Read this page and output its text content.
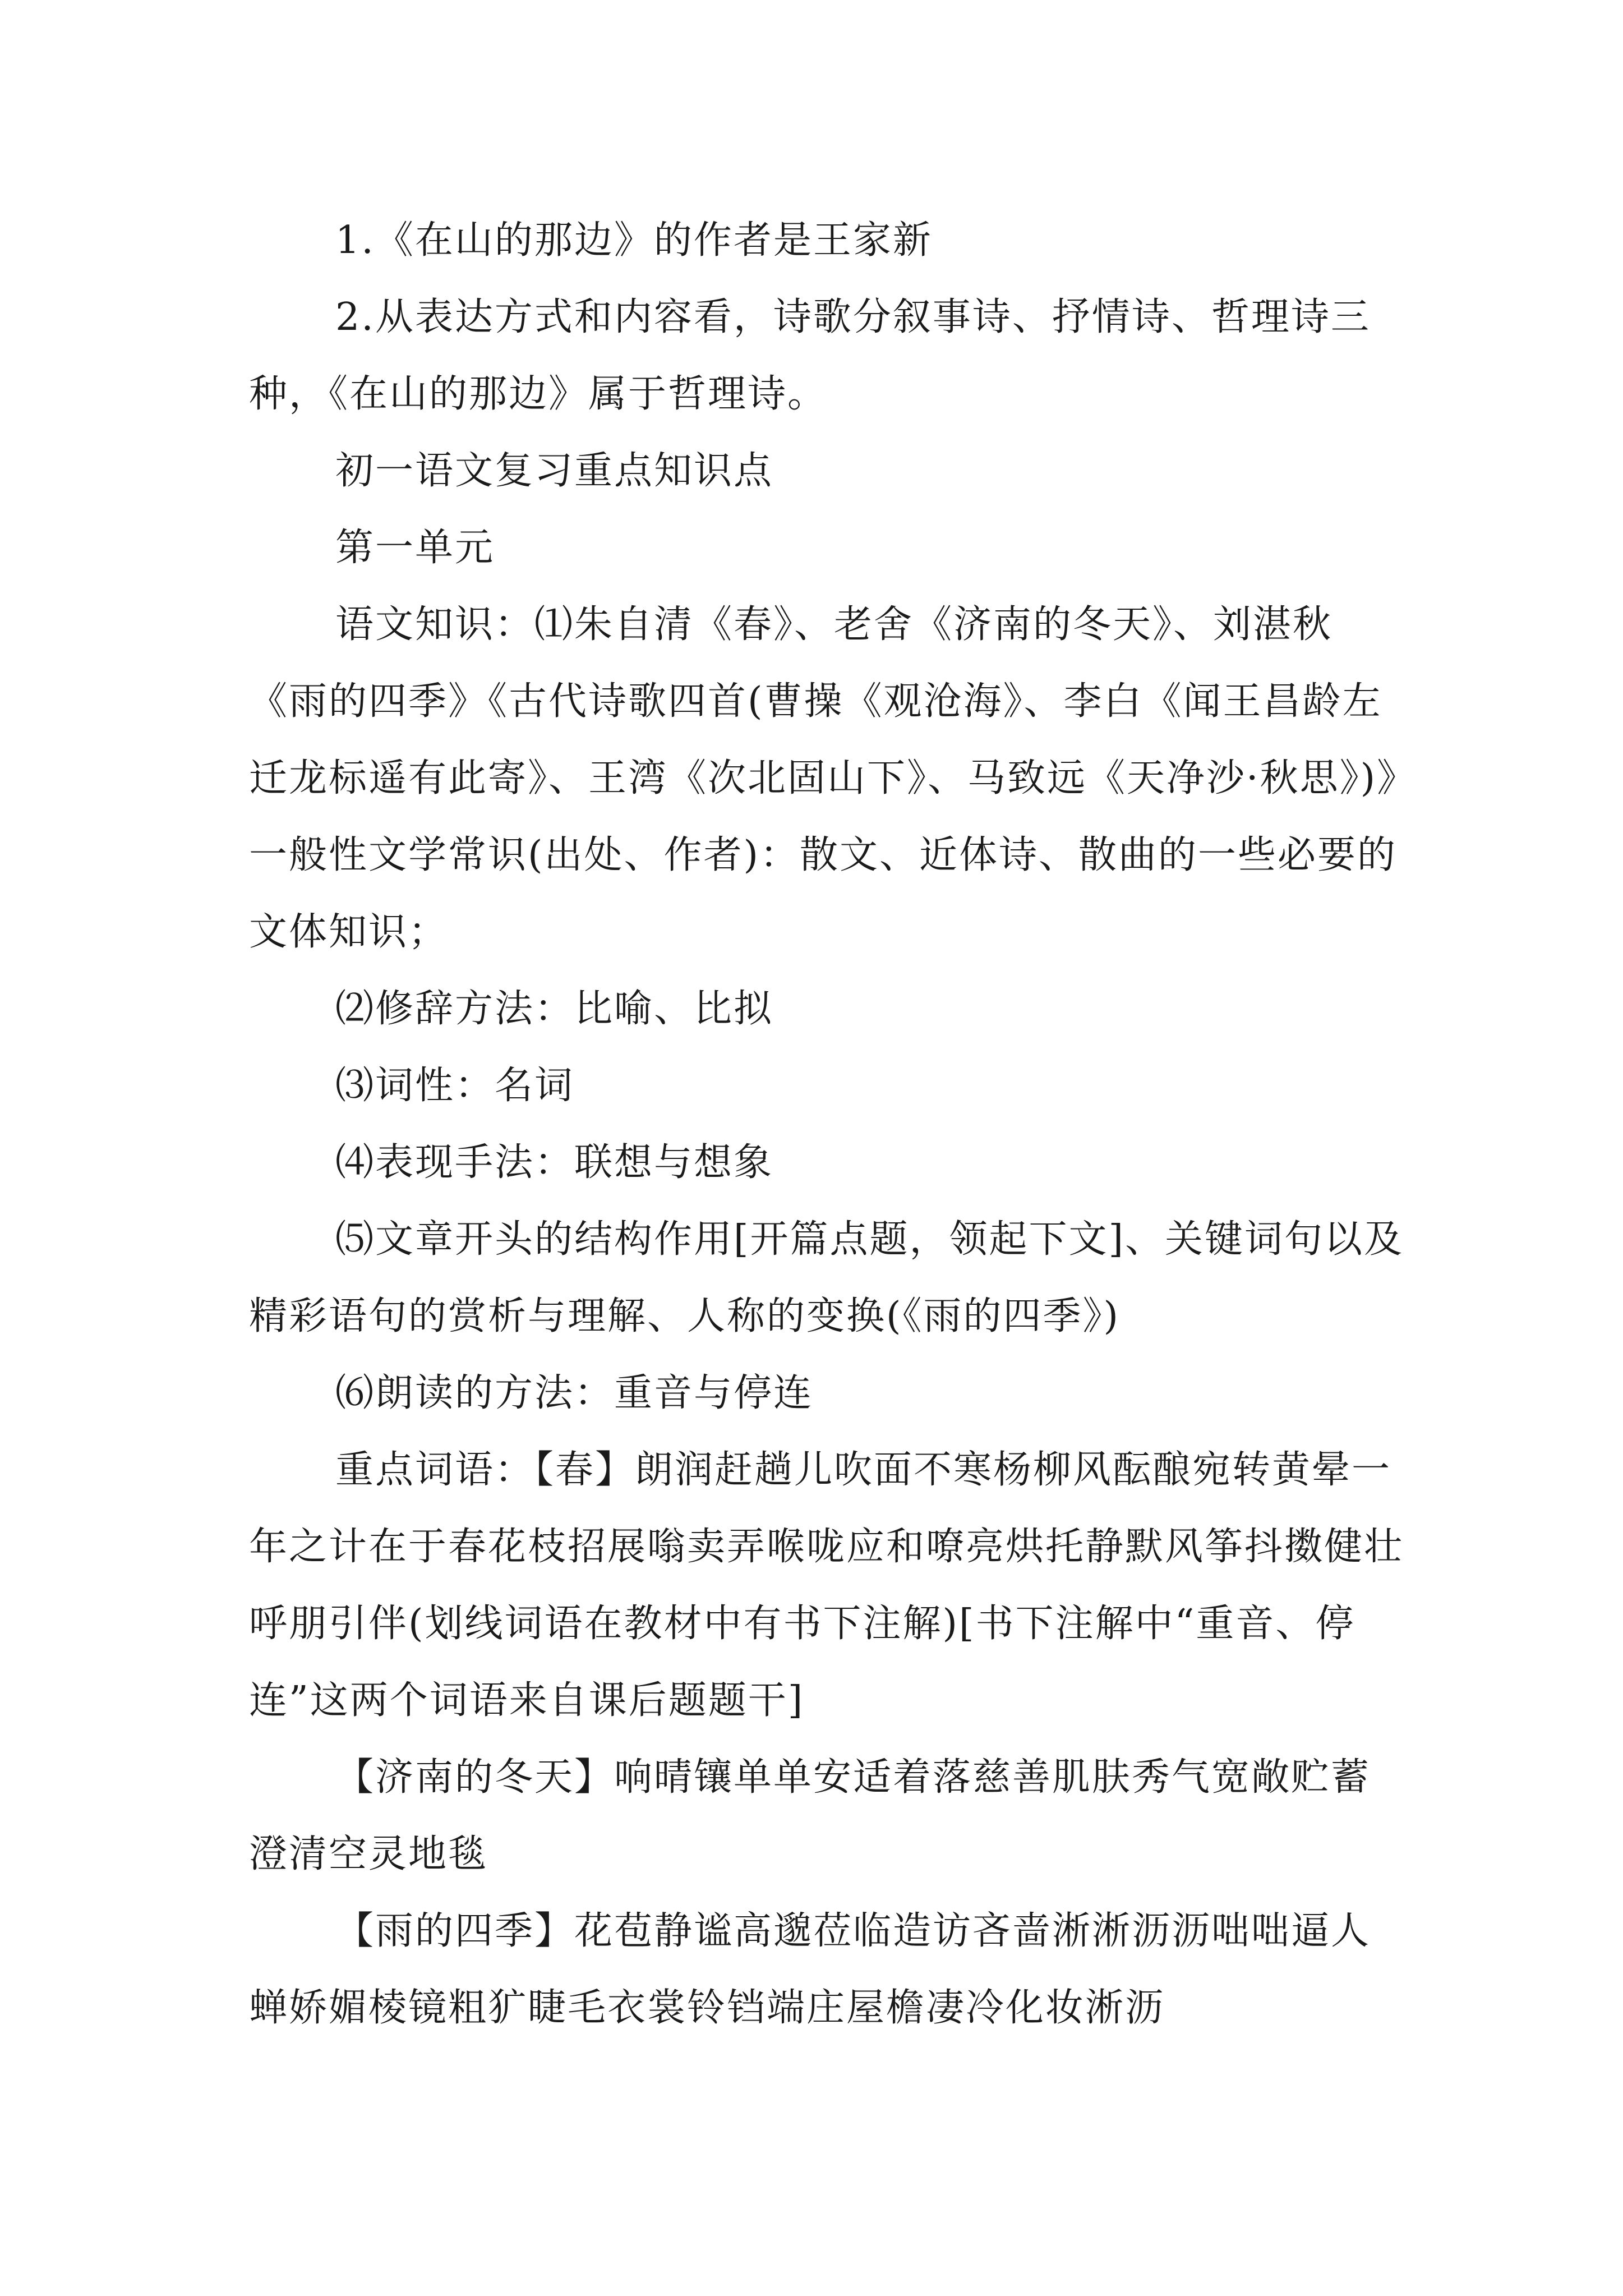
1.《在山的那边》的作者是王家新

2.从表达方式和内容看，诗歌分叙事诗、抒情诗、哲理诗三种，《在山的那边》属于哲理诗。

初一语文复习重点知识点

第一单元

语文知识：⑴朱自清《春》、老舍《济南的冬天》、刘湛秋《雨的四季》《古代诗歌四首(曹操《观沧海》、李白《闻王昌龄左迁龙标遥有此寄》、王湾《次北固山下》、马致远《天净沙·秋思》)》一般性文学常识(出处、作者)：散文、近体诗、散曲的一些必要的文体知识；

⑵修辞方法：比喻、比拟

⑶词性：名词

⑷表现手法：联想与想象

⑸文章开头的结构作用[开篇点题，领起下文]、关键词句以及精彩语句的赏析与理解、人称的变换(《雨的四季》)

⑹朗读的方法：重音与停连

重点词语：【春】朗润赶趟儿吹面不寒杨柳风酝酿宛转黄晕一年之计在于春花枝招展嗡卖弄喉咙应和嘹亮烘托静默风筝抖擞健壮呼朋引伴(划线词语在教材中有书下注解)[书下注解中“重音、停连”这两个词语来自课后题题干]

【济南的冬天】响晴镶单单安适着落慈善肌肤秀气宽敞贮蓄澄清空灵地毯

【雨的四季】花苞静谧高邈莅临造访吝啬淅淅沥沥咄咄逼人蝉娇媚棱镜粗犷睫毛衣裳铃铛端庄屋檐凄冷化妆淅沥
